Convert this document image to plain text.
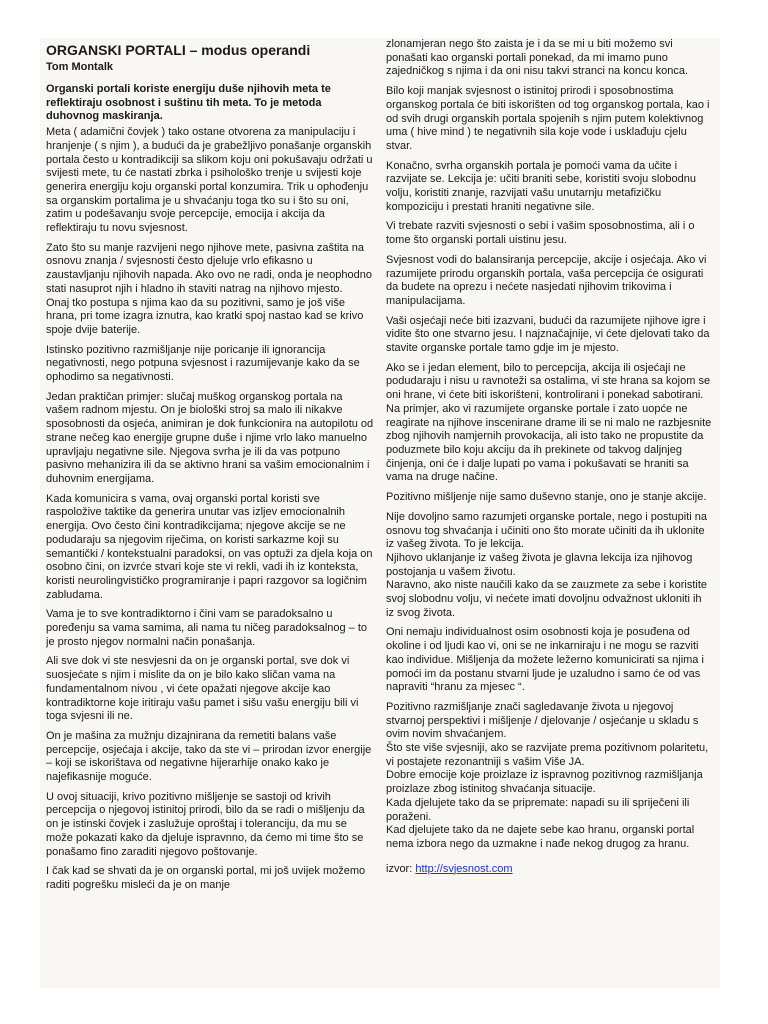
ORGANSKI PORTALI – modus operandi
Tom Montalk
Organski portali koriste energiju duše njihovih meta te reflektiraju osobnost i suštinu tih meta. To je metoda duhovnog maskiranja.

Meta ( adamični čovjek ) tako ostane otvorena za manipulaciju i hranjenje ( s njim ), a budući da je grabežljivo ponašanje organskih portala često u kontradikciji sa slikom koju oni pokušavaju održati u svijesti mete, tu će nastati zbrka i psihološko trenje u svijesti koje generira energiju koju organski portal konzumira. Trik u ophođenju sa organskim portalima je u shvaćanju toga tko su i što su oni, zatim u podešavanju svoje percepcije, emocija i akcija da reflektiraju tu novu svjesnost.

Zato što su manje razvijeni nego njihove mete, pasivna zaštita na osnovu znanja / svjesnosti često djeluje vrlo efikasno u zaustavljanju njihovih napada. Ako ovo ne radi, onda je neophodno stati nasuprot njih i hladno ih staviti natrag na njihovo mjesto.

Onaj tko postupa s njima kao da su pozitivni, samo je još više hrana, pri tome izagra iznutra, kao kratki spoj nastao kad se krivo spoje dvije baterije.

Istinsko pozitivno razmišljanje nije poricanje ili ignorancija negativnosti, nego potpuna svjesnost i razumijevanje kako da se ophodimo sa negativnosti.

Jedan praktičan primjer: slučaj muškog organskog portala na vašem radnom mjestu. On je biološki stroj sa malo ili nikakve sposobnosti da osjeća, animiran je dok funkcionira na autopilotu od strane nečeg kao energije grupne duše i njime vrlo lako manuelno upravljaju negativne sile. Njegova svrha je ili da vas potpuno pasivno mehanizira ili da se aktivno hrani sa vašim emocionalnim i duhovnim energijama.

Kada komunicira s vama, ovaj organski portal koristi sve raspoložive taktike da generira unutar vas izljev emocionalnih energija. Ovo često čini kontradikcijama; njegove akcije se ne podudaraju sa njegovim riječima, on koristi sarkazme koji su semantički / kontekstualni paradoksi, on vas optuži za djela koja on osobno čini, on izvrće stvari koje ste vi rekli, vadi ih iz konteksta, koristi neurolingvističko programiranje i papri razgovor sa logičnim zabludama.

Vama je to sve kontradiktorno i čini vam se paradoksalno u poređenju sa vama samima, ali nama tu ničeg paradoksalnog – to je prosto njegov normalni način ponašanja.

Ali sve dok vi ste nesvjesni da on je organski portal, sve dok vi suosjećate s njim i mislite da on je bilo kako sličan vama na fundamentalnom nivou , vi ćete opažati njegove akcije kao kontradiktorne koje iritiraju vašu pamet i sišu vašu energiju bili vi toga svjesni ili ne.

On je mašina za mužnju dizajnirana da remetiti balans vaše percepcije, osjećaja i akcije, tako da ste vi – prirodan izvor energije – koji se iskorištava od negativne hijerarhije onako kako je najefikasnije moguće.

U ovoj situaciji, krivo pozitivno mišljenje se sastoji od krivih percepcija o njegovoj istinitoj prirodi, bilo da se radi o mišljenju da on je istinski čovjek i zaslužuje oproštaj i toleranciju, da mu se može pokazati kako da djeluje ispravnno, da ćemo mi time što se ponašamo fino zaraditi njegovo poštovanje.

I čak kad se shvati da je on organski portal, mi još uvijek možemo raditi pogrešku misleći da je on manje

zlonamjeran nego što zaista je i da se mi u biti možemo svi ponašati kao organski portali ponekad, da mi imamo puno zajedničkog s njima i da oni nisu takvi stranci na koncu konca.

Bilo koji manjak svjesnost o istinitoj prirodi i sposobnostima organskog portala će biti iskorišten od tog organskog portala, kao i od svih drugi organskih portala spojenih s njim putem kolektivnog uma ( hive mind ) te negativnih sila koje vode i usklađuju cjelu stvar.

Konačno, svrha organskih portala je pomoći vama da učite i razvijate se. Lekcija je: učiti braniti sebe, koristiti svoju slobodnu volju, koristiti znanje, razvijati vašu unutarnju metafizičku kompoziciju i prestati hraniti negativne sile.

Vi trebate razviti svjesnosti o sebi i vašim sposobnostima, ali i o tome što organski portali uistinu jesu.

Svjesnost vodi do balansiranja percepcije, akcije i osjećaja. Ako vi razumijete prirodu organskih portala, vaša percepcija će osigurati da budete na oprezu i nećete nasjedati njihovim trikovima i manipulacijama.

Vaši osjećaji neće biti izazvani, budući da razumijete njihove igre i vidite što one stvarno jesu. I najznačajnije, vi ćete djelovati tako da stavite organske portale tamo gdje im je mjesto.

Ako se i jedan element, bilo to percepcija, akcija ili osjećaji ne podudaraju i nisu u ravnoteži sa ostalima, vi ste hrana sa kojom se oni hrane, vi ćete biti iskorišteni, kontrolirani i ponekad sabotirani.

Na primjer, ako vi razumijete organske portale i zato uopće ne reagirate na njihove inscenirane drame ili se ni malo ne razbjesnite zbog njihovih namjernih provokacija, ali isto tako ne propustite da poduzmete bilo koju akciju da ih prekinete od takvog daljnjeg činjenja, oni će i dalje lupati po vama i pokušavati se hraniti sa vama na druge načine.

Pozitivno mišljenje nije samo duševno stanje, ono je stanje akcije.

Nije dovoljno samo razumjeti organske portale, nego i postupiti na osnovu tog shvaćanja i učiniti ono što morate učiniti da ih uklonite iz vašeg života. To je lekcija.

Njihovo uklanjanje iz vašeg života je glavna lekcija iza njihovog postojanja u vašem životu.

Naravno, ako niste naučili kako da se zauzmete za sebe i koristite svoj slobodnu volju, vi nećete imati dovoljnu odvažnost ukloniti ih iz svog života.

Oni nemaju individualnost osim osobnosti koja je posuđena od okoline i od ljudi kao vi, oni se ne inkarniraju i ne mogu se razviti kao individue. Mišljenja da možete ležerno komunicirati sa njima i pomoći im da postanu stvarni ljude je uzaludno i samo će od vas napraviti “hranu za mjesec “.

Pozitivno razmišljanje znači sagledavanje života u njegovoj stvarnoj perspektivi i mišljenje / djelovanje / osjećanje u skladu s ovim novim shvaćanjem.

Što ste više svjesniji, ako se razvijate prema pozitivnom polaritetu, vi postajete rezonantniji s vašim Više JA.

Dobre emocije koje proizlaze iz ispravnog pozitivnog razmišljanja proizlaze zbog istinitog shvaćanja situacije.

Kada djelujete tako da se pripremate: napadi su ili spriječeni ili poraženi.

Kad djelujete tako da ne dajete sebe kao hranu, organski portal nema izbora nego da uzmakne i nađe nekog drugog za hranu.

izvor: http://svjesnost.com
